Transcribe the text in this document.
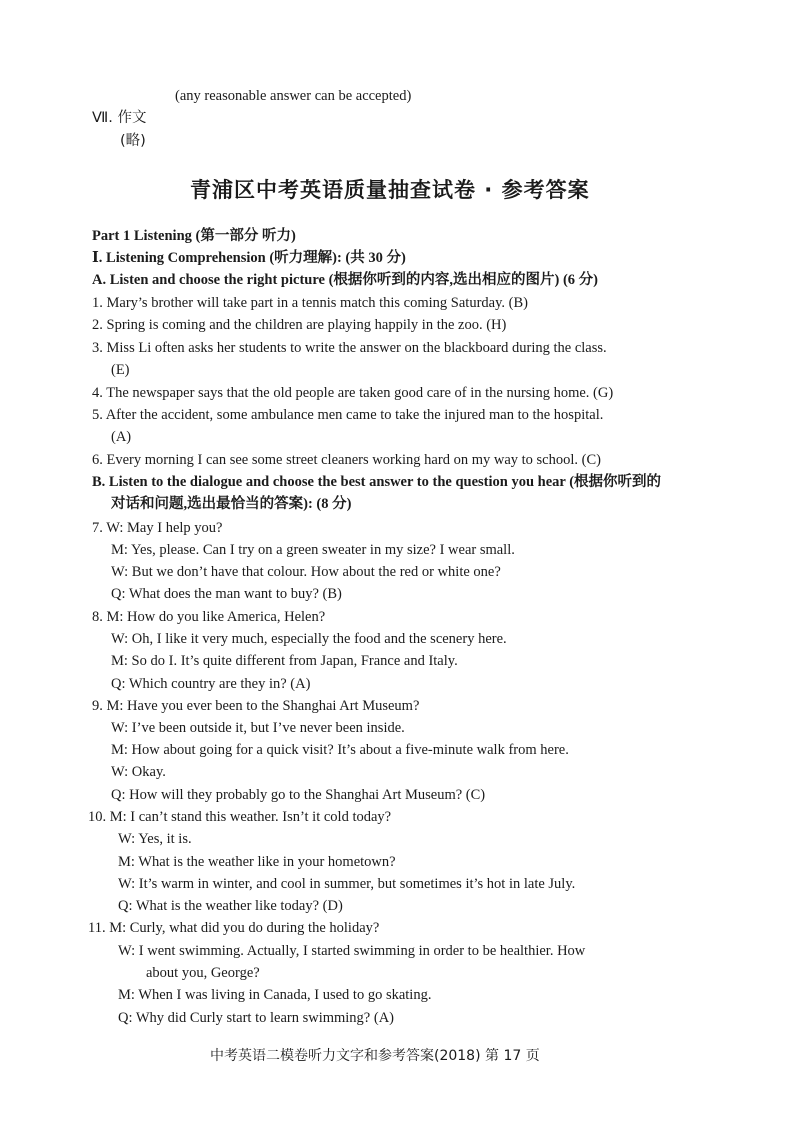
(any reasonable answer can be accepted)
Ⅶ. 作文
(略)
青浦区中考英语质量抽查试卷 · 参考答案
Part 1 Listening (第一部分 听力)
Ⅰ. Listening Comprehension (听力理解): (共 30 分)
A. Listen and choose the right picture (根据你听到的内容,选出相应的图片) (6 分)
1. Mary’s brother will take part in a tennis match this coming Saturday. (B)
2. Spring is coming and the children are playing happily in the zoo. (H)
3. Miss Li often asks her students to write the answer on the blackboard during the class.
(E)
4. The newspaper says that the old people are taken good care of in the nursing home. (G)
5. After the accident, some ambulance men came to take the injured man to the hospital.
(A)
6. Every morning I can see some street cleaners working hard on my way to school. (C)
B. Listen to the dialogue and choose the best answer to the question you hear (根据你听到的
对话和问题,选出最恰当的答案): (8 分)
7. W: May I help you?
M: Yes, please. Can I try on a green sweater in my size? I wear small.
W: But we don’t have that colour. How about the red or white one?
Q: What does the man want to buy? (B)
8. M: How do you like America, Helen?
W: Oh, I like it very much, especially the food and the scenery here.
M: So do I. It’s quite different from Japan, France and Italy.
Q: Which country are they in? (A)
9. M: Have you ever been to the Shanghai Art Museum?
W: I’ve been outside it, but I’ve never been inside.
M: How about going for a quick visit? It’s about a five-minute walk from here.
W: Okay.
Q: How will they probably go to the Shanghai Art Museum? (C)
10. M: I can’t stand this weather. Isn’t it cold today?
W: Yes, it is.
M: What is the weather like in your hometown?
W: It’s warm in winter, and cool in summer, but sometimes it’s hot in late July.
Q: What is the weather like today? (D)
11. M: Curly, what did you do during the holiday?
W: I went swimming. Actually, I started swimming in order to be healthier. How
about you, George?
M: When I was living in Canada, I used to go skating.
Q: Why did Curly start to learn swimming? (A)
中考英语二模卷听力文字和参考答案(2018) 第 17 页
